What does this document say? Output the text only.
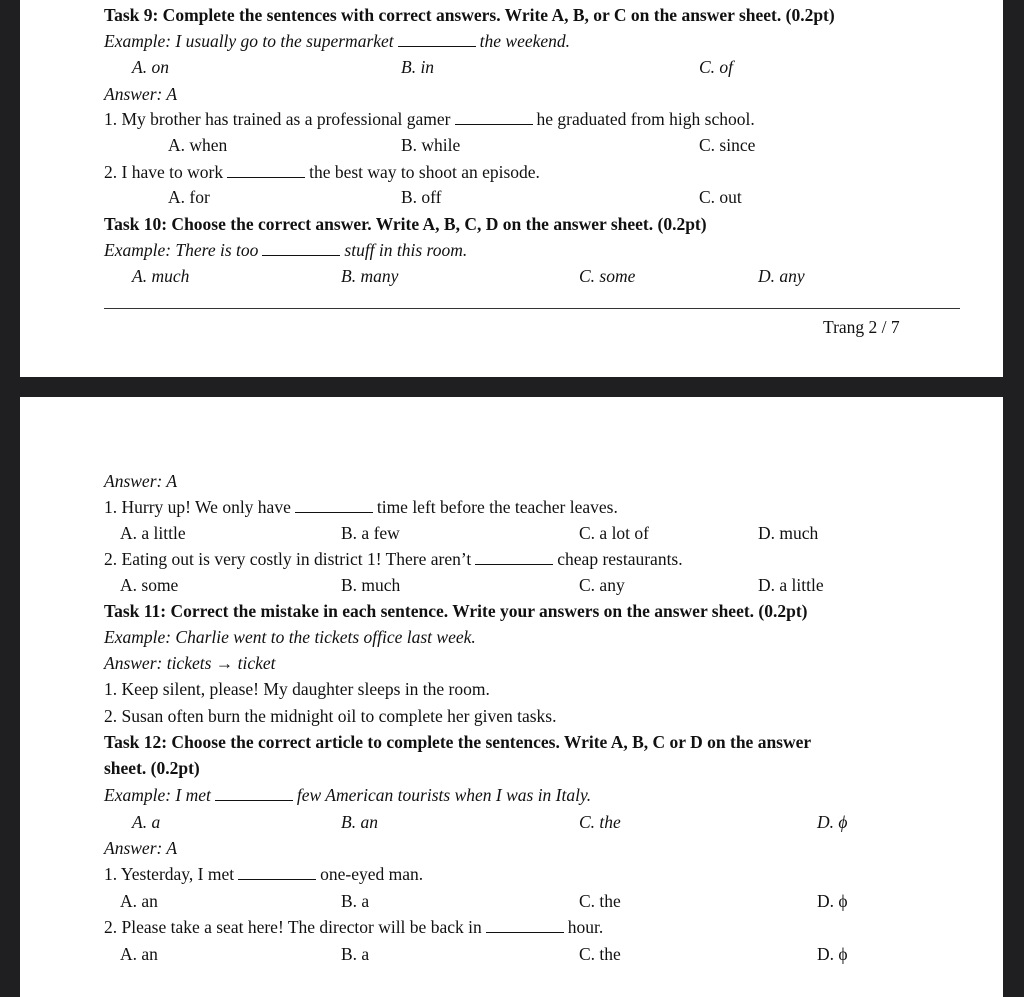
Task 9: Complete the sentences with correct answers. Write A, B, or C on the answer sheet. (0.2pt)
Example: I usually go to the supermarket	the weekend.
A. on	B. in	C. of
Answer: A
1. My brother has trained as a professional gamer	he graduated from high school.
A. when	B. while	C. since
2. I have to work	the best way to shoot an episode.
A. for	B. off	C. out
Task 10: Choose the correct answer. Write A, B, C, D on the answer sheet. (0.2pt)
Example: There is too	stuff in this room.
A. much	B. many	C. some	D. any
Trang 2 / 7
Answer: A
1. Hurry up! We only have	time left before the teacher leaves.
A. a little	B. a few	C. a lot of	D. much
2. Eating out is very costly in district 1! There aren’t	cheap restaurants.
A. some	B. much	C. any	D. a little
Task 11: Correct the mistake in each sentence. Write your answers on the answer sheet. (0.2pt)
Example: Charlie went to the tickets office last week.
Answer: tickets → ticket
1. Keep silent, please! My daughter sleeps in the room.
2. Susan often burn the midnight oil to complete her given tasks.
Task 12: Choose the correct article to complete the sentences. Write A, B, C or D on the answer
sheet. (0.2pt)
Example: I met	few American tourists when I was in Italy.
A. a	B. an	C. the	D. ϕ
Answer: A
1. Yesterday, I met	one-eyed man.
A. an	B. a	C. the	D. ϕ
2. Please take a seat here! The director will be back in	hour.
A. an	B. a	C. the	D. ϕ
